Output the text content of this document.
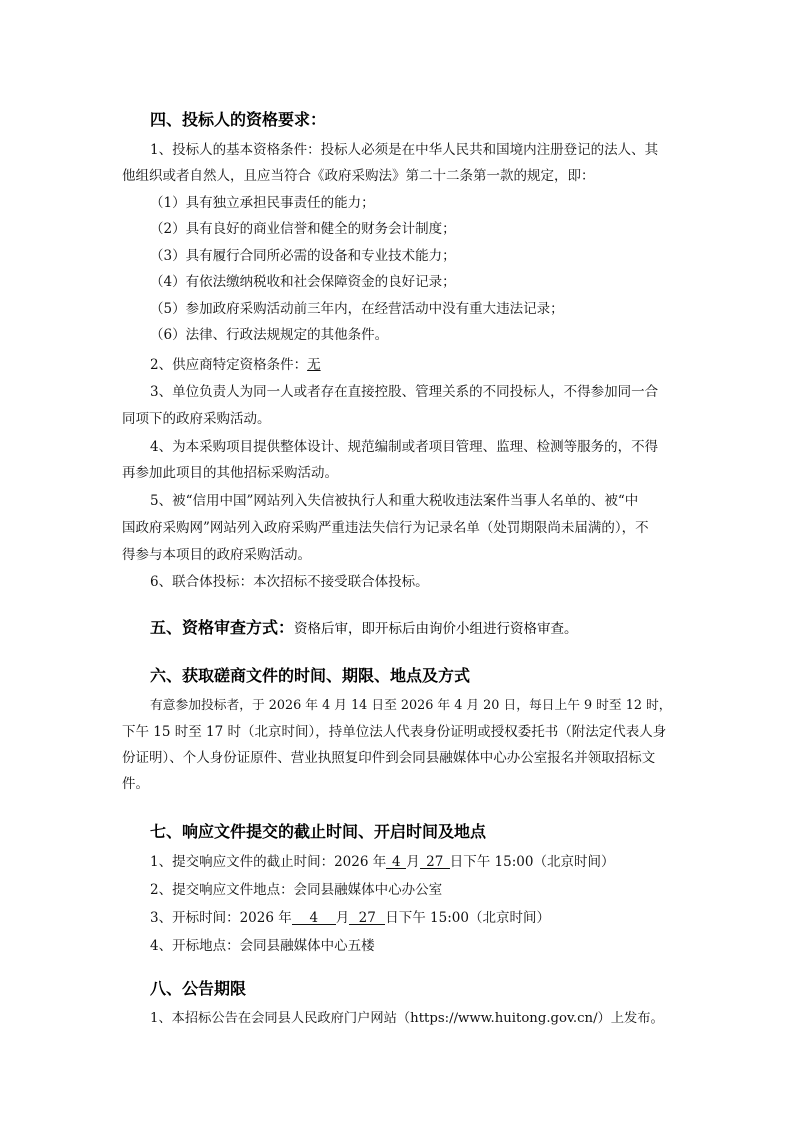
四、投标人的资格要求：
1、投标人的基本资格条件：投标人必须是在中华人民共和国境内注册登记的法人、其
他组织或者自然人，且应当符合《政府采购法》第二十二条第一款的规定，即：
（1）具有独立承担民事责任的能力；
（2）具有良好的商业信誉和健全的财务会计制度；
（3）具有履行合同所必需的设备和专业技术能力；
（4）有依法缴纳税收和社会保障资金的良好记录；
（5）参加政府采购活动前三年内，在经营活动中没有重大违法记录；
（6）法律、行政法规规定的其他条件。
2、供应商特定资格条件：无
3、单位负责人为同一人或者存在直接控股、管理关系的不同投标人，不得参加同一合
同项下的政府采购活动。
4、为本采购项目提供整体设计、规范编制或者项目管理、监理、检测等服务的，不得
再参加此项目的其他招标采购活动。
5、被“信用中国”网站列入失信被执行人和重大税收违法案件当事人名单的、被“中
国政府采购网”网站列入政府采购严重违法失信行为记录名单（处罚期限尚未届满的），不
得参与本项目的政府采购活动。
6、联合体投标：本次招标不接受联合体投标。
五、资格审查方式：资格后审，即开标后由询价小组进行资格审查。
六、获取磋商文件的时间、期限、地点及方式
有意参加投标者，于 2026 年 4 月 14 日至 2026 年 4 月 20 日，每日上午 9 时至 12 时，
下午 15 时至 17 时（北京时间），持单位法人代表身份证明或授权委托书（附法定代表人身
份证明）、个人身份证原件、营业执照复印件到会同县融媒体中心办公室报名并领取招标文
件。
七、响应文件提交的截止时间、开启时间及地点
1、提交响应文件的截止时间：2026 年 4 月 27 日下午 15:00（北京时间）
2、提交响应文件地点：会同县融媒体中心办公室
3、开标时间：2026 年 4 月 27 日下午 15:00（北京时间）
4、开标地点：会同县融媒体中心五楼
八、公告期限
1、本招标公告在会同县人民政府门户网站（https://www.huitong.gov.cn/）上发布。
